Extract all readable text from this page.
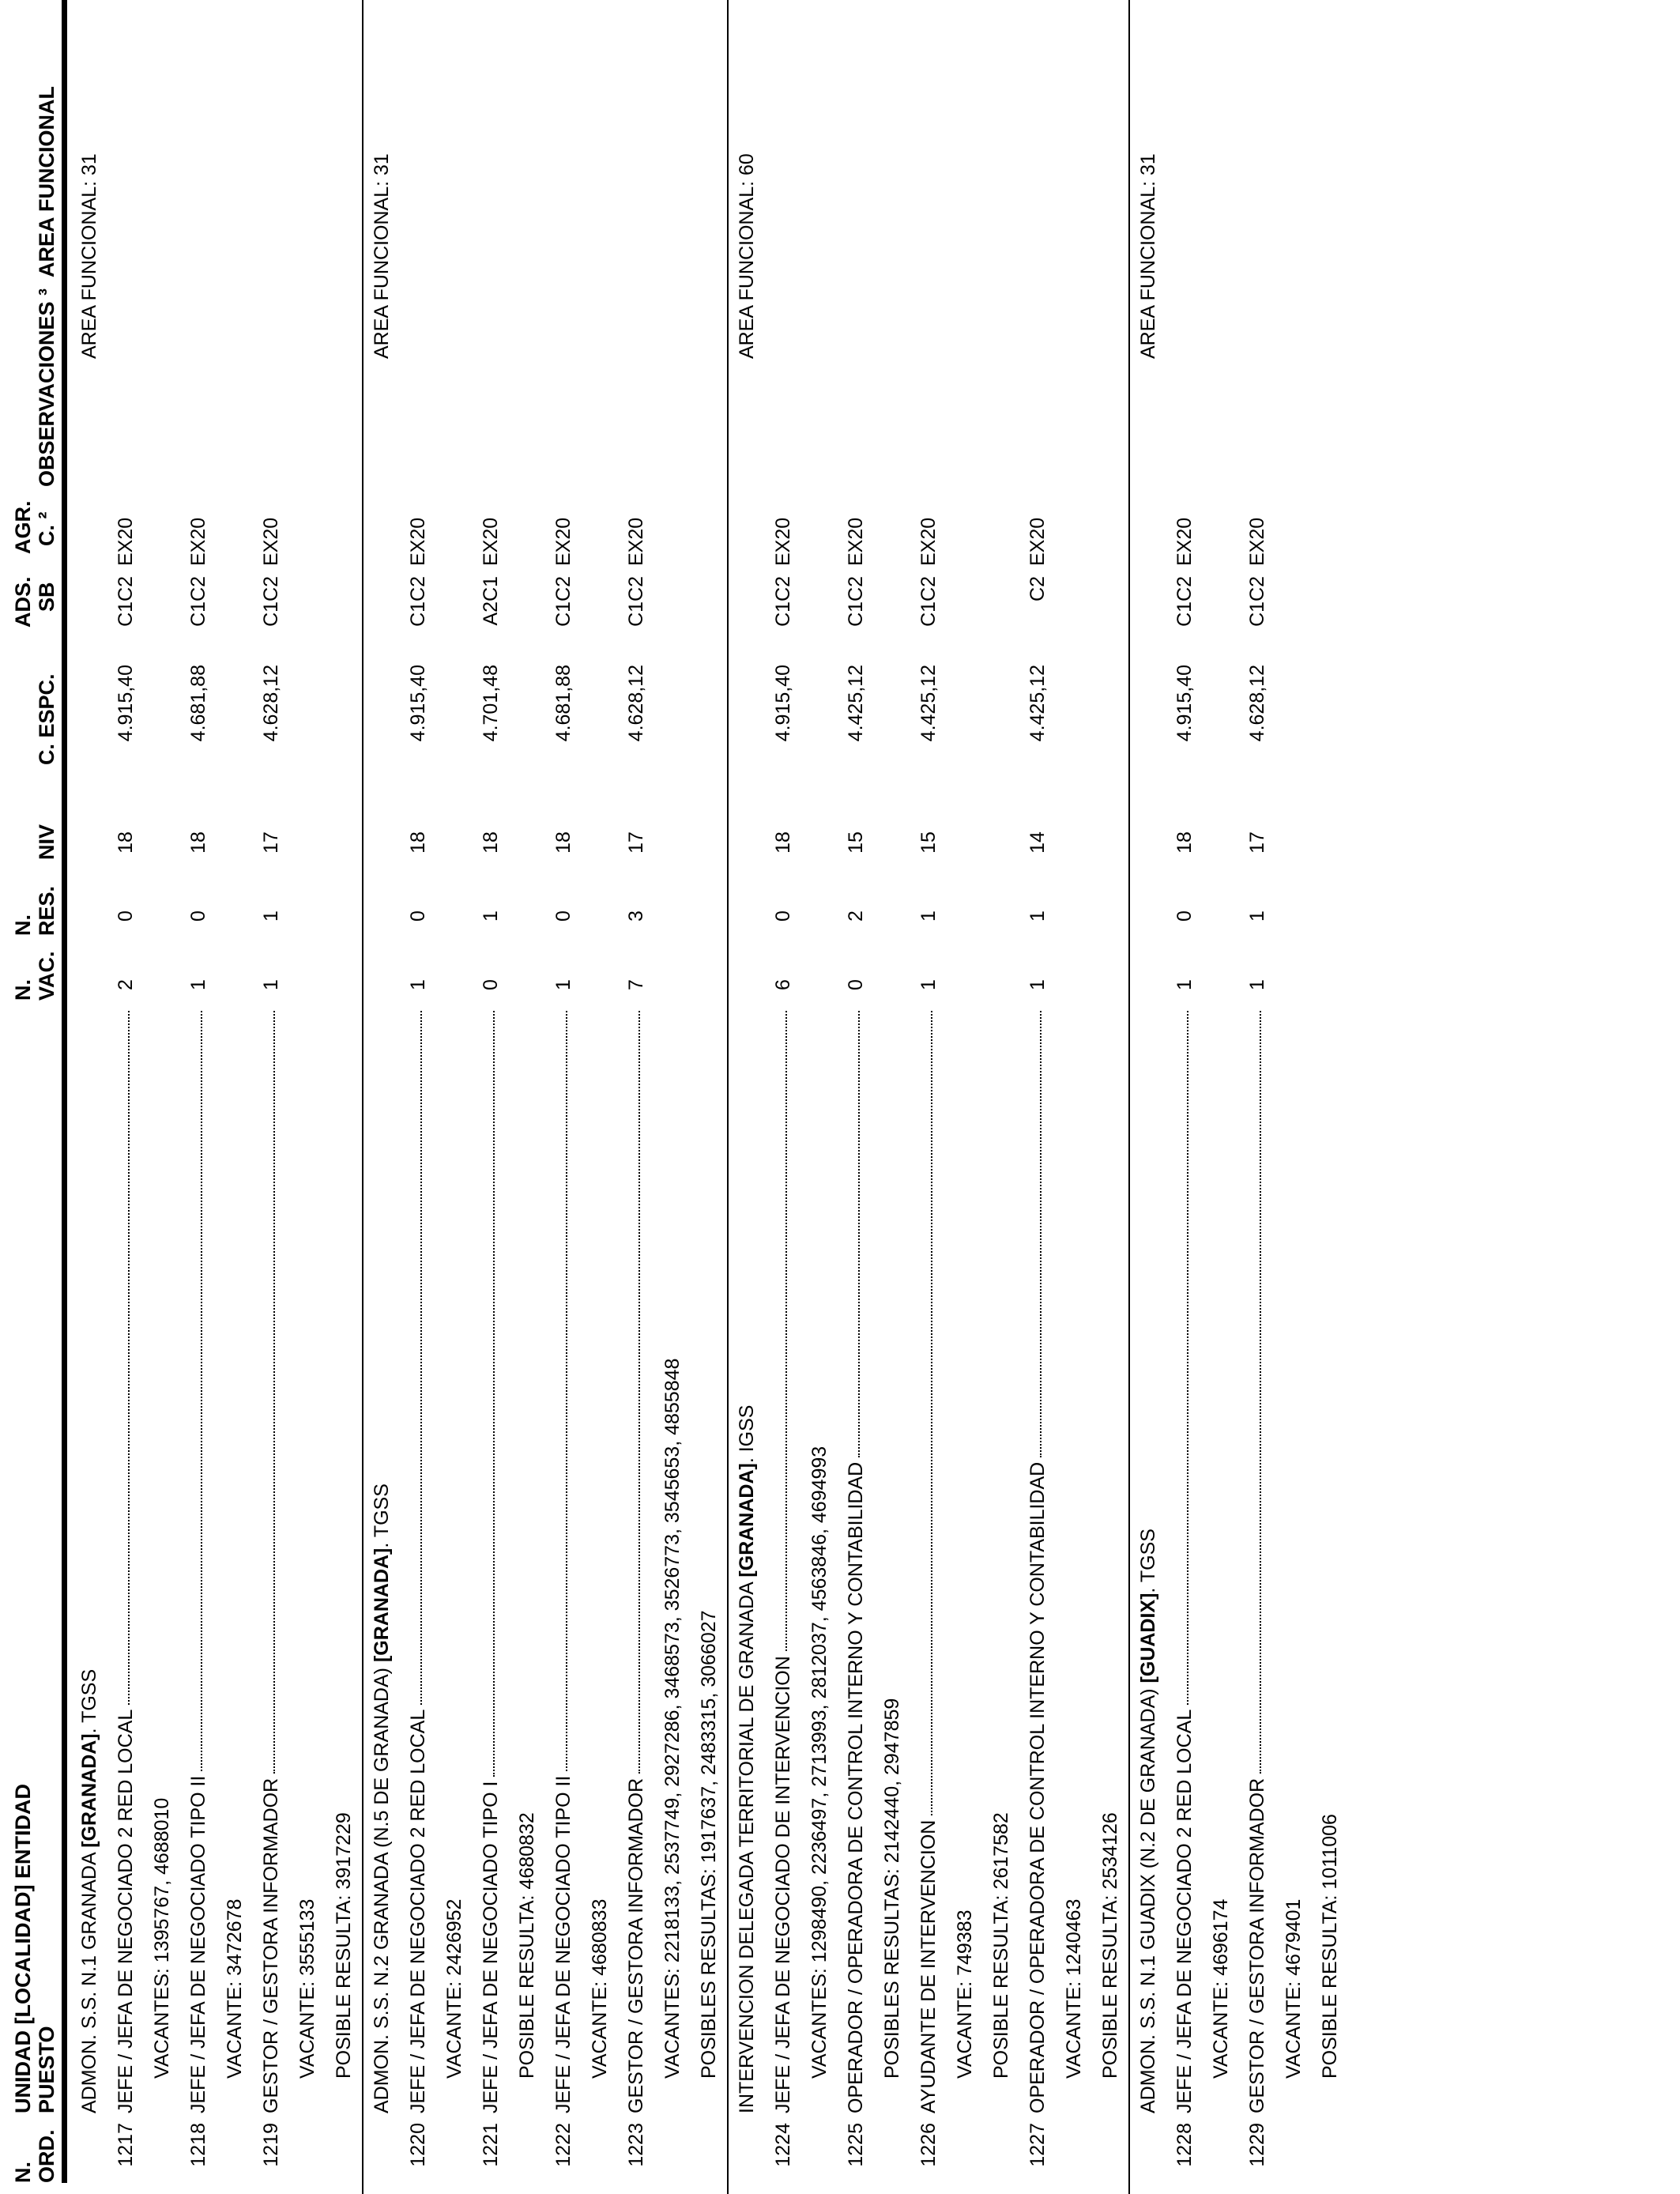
N. ORD.
UNIDAD [LOCALIDAD] ENTIDAD PUESTO
N. VAC.
N. RES.
NIV
C. ESPC.
ADS. SB
AGR. C. ²
OBSERVACIONES ³
AREA FUNCIONAL
ADMON. S.S. N.1 GRANADA [GRANADA]. TGSS
AREA FUNCIONAL: 31
1217
JEFE / JEFA DE NEGOCIADO 2 RED LOCAL
2
0
18
4.915,40
C1C2
EX20
VACANTES: 1395767, 4688010
1218
JEFE / JEFA DE NEGOCIADO TIPO II
1
0
18
4.681,88
C1C2
EX20
VACANTE: 3472678
1219
GESTOR / GESTORA INFORMADOR
1
1
17
4.628,12
C1C2
EX20
VACANTE: 3555133 POSIBLE RESULTA: 3917229 ADMON. S.S. N.2 GRANADA (N.5 DE GRANADA) [GRANADA]. TGSS
AREA FUNCIONAL: 31
1220
JEFE / JEFA DE NEGOCIADO 2 RED LOCAL
1
0
18
4.915,40
C1C2
EX20
VACANTE: 2426952
1221
JEFE / JEFA DE NEGOCIADO TIPO I
0
1
18
4.701,48
A2C1
EX20
POSIBLE RESULTA: 4680832
1222
JEFE / JEFA DE NEGOCIADO TIPO II
1
0
18
4.681,88
C1C2
EX20
VACANTE: 4680833
1223
GESTOR / GESTORA INFORMADOR
7
3
17
4.628,12
C1C2
EX20
VACANTES: 2218133, 2537749, 2927286, 3468573, 3526773, 3545653, 4855848 POSIBLES RESULTAS: 1917637, 2483315, 3066027 INTERVENCION DELEGADA TERRITORIAL DE GRANADA [GRANADA]. IGSS
AREA FUNCIONAL: 60
1224
JEFE / JEFA DE NEGOCIADO DE INTERVENCION
6
0
18
4.915,40
C1C2
EX20
VACANTES: 1298490, 2236497, 2713993, 2812037, 4563846, 4694993
1225
OPERADOR / OPERADORA DE CONTROL INTERNO Y CONTABILIDAD
0
2
15
4.425,12
C1C2
EX20
POSIBLES RESULTAS: 2142440, 2947859
1226
AYUDANTE DE INTERVENCION
1
1
15
4.425,12
C1C2
EX20
VACANTE: 749383 POSIBLE RESULTA: 2617582
1227
OPERADOR / OPERADORA DE CONTROL INTERNO Y CONTABILIDAD
1
1
14
4.425,12
C2
EX20
VACANTE: 1240463 POSIBLE RESULTA: 2534126 ADMON. S.S. N.1 GUADIX (N.2 DE GRANADA) [GUADIX]. TGSS
AREA FUNCIONAL: 31
1228
JEFE / JEFA DE NEGOCIADO 2 RED LOCAL
1
0
18
4.915,40
C1C2
EX20
VACANTE: 4696174
1229
GESTOR / GESTORA INFORMADOR
1
1
17
4.628,12
C1C2
EX20
VACANTE: 4679401 POSIBLE RESULTA: 1011006
